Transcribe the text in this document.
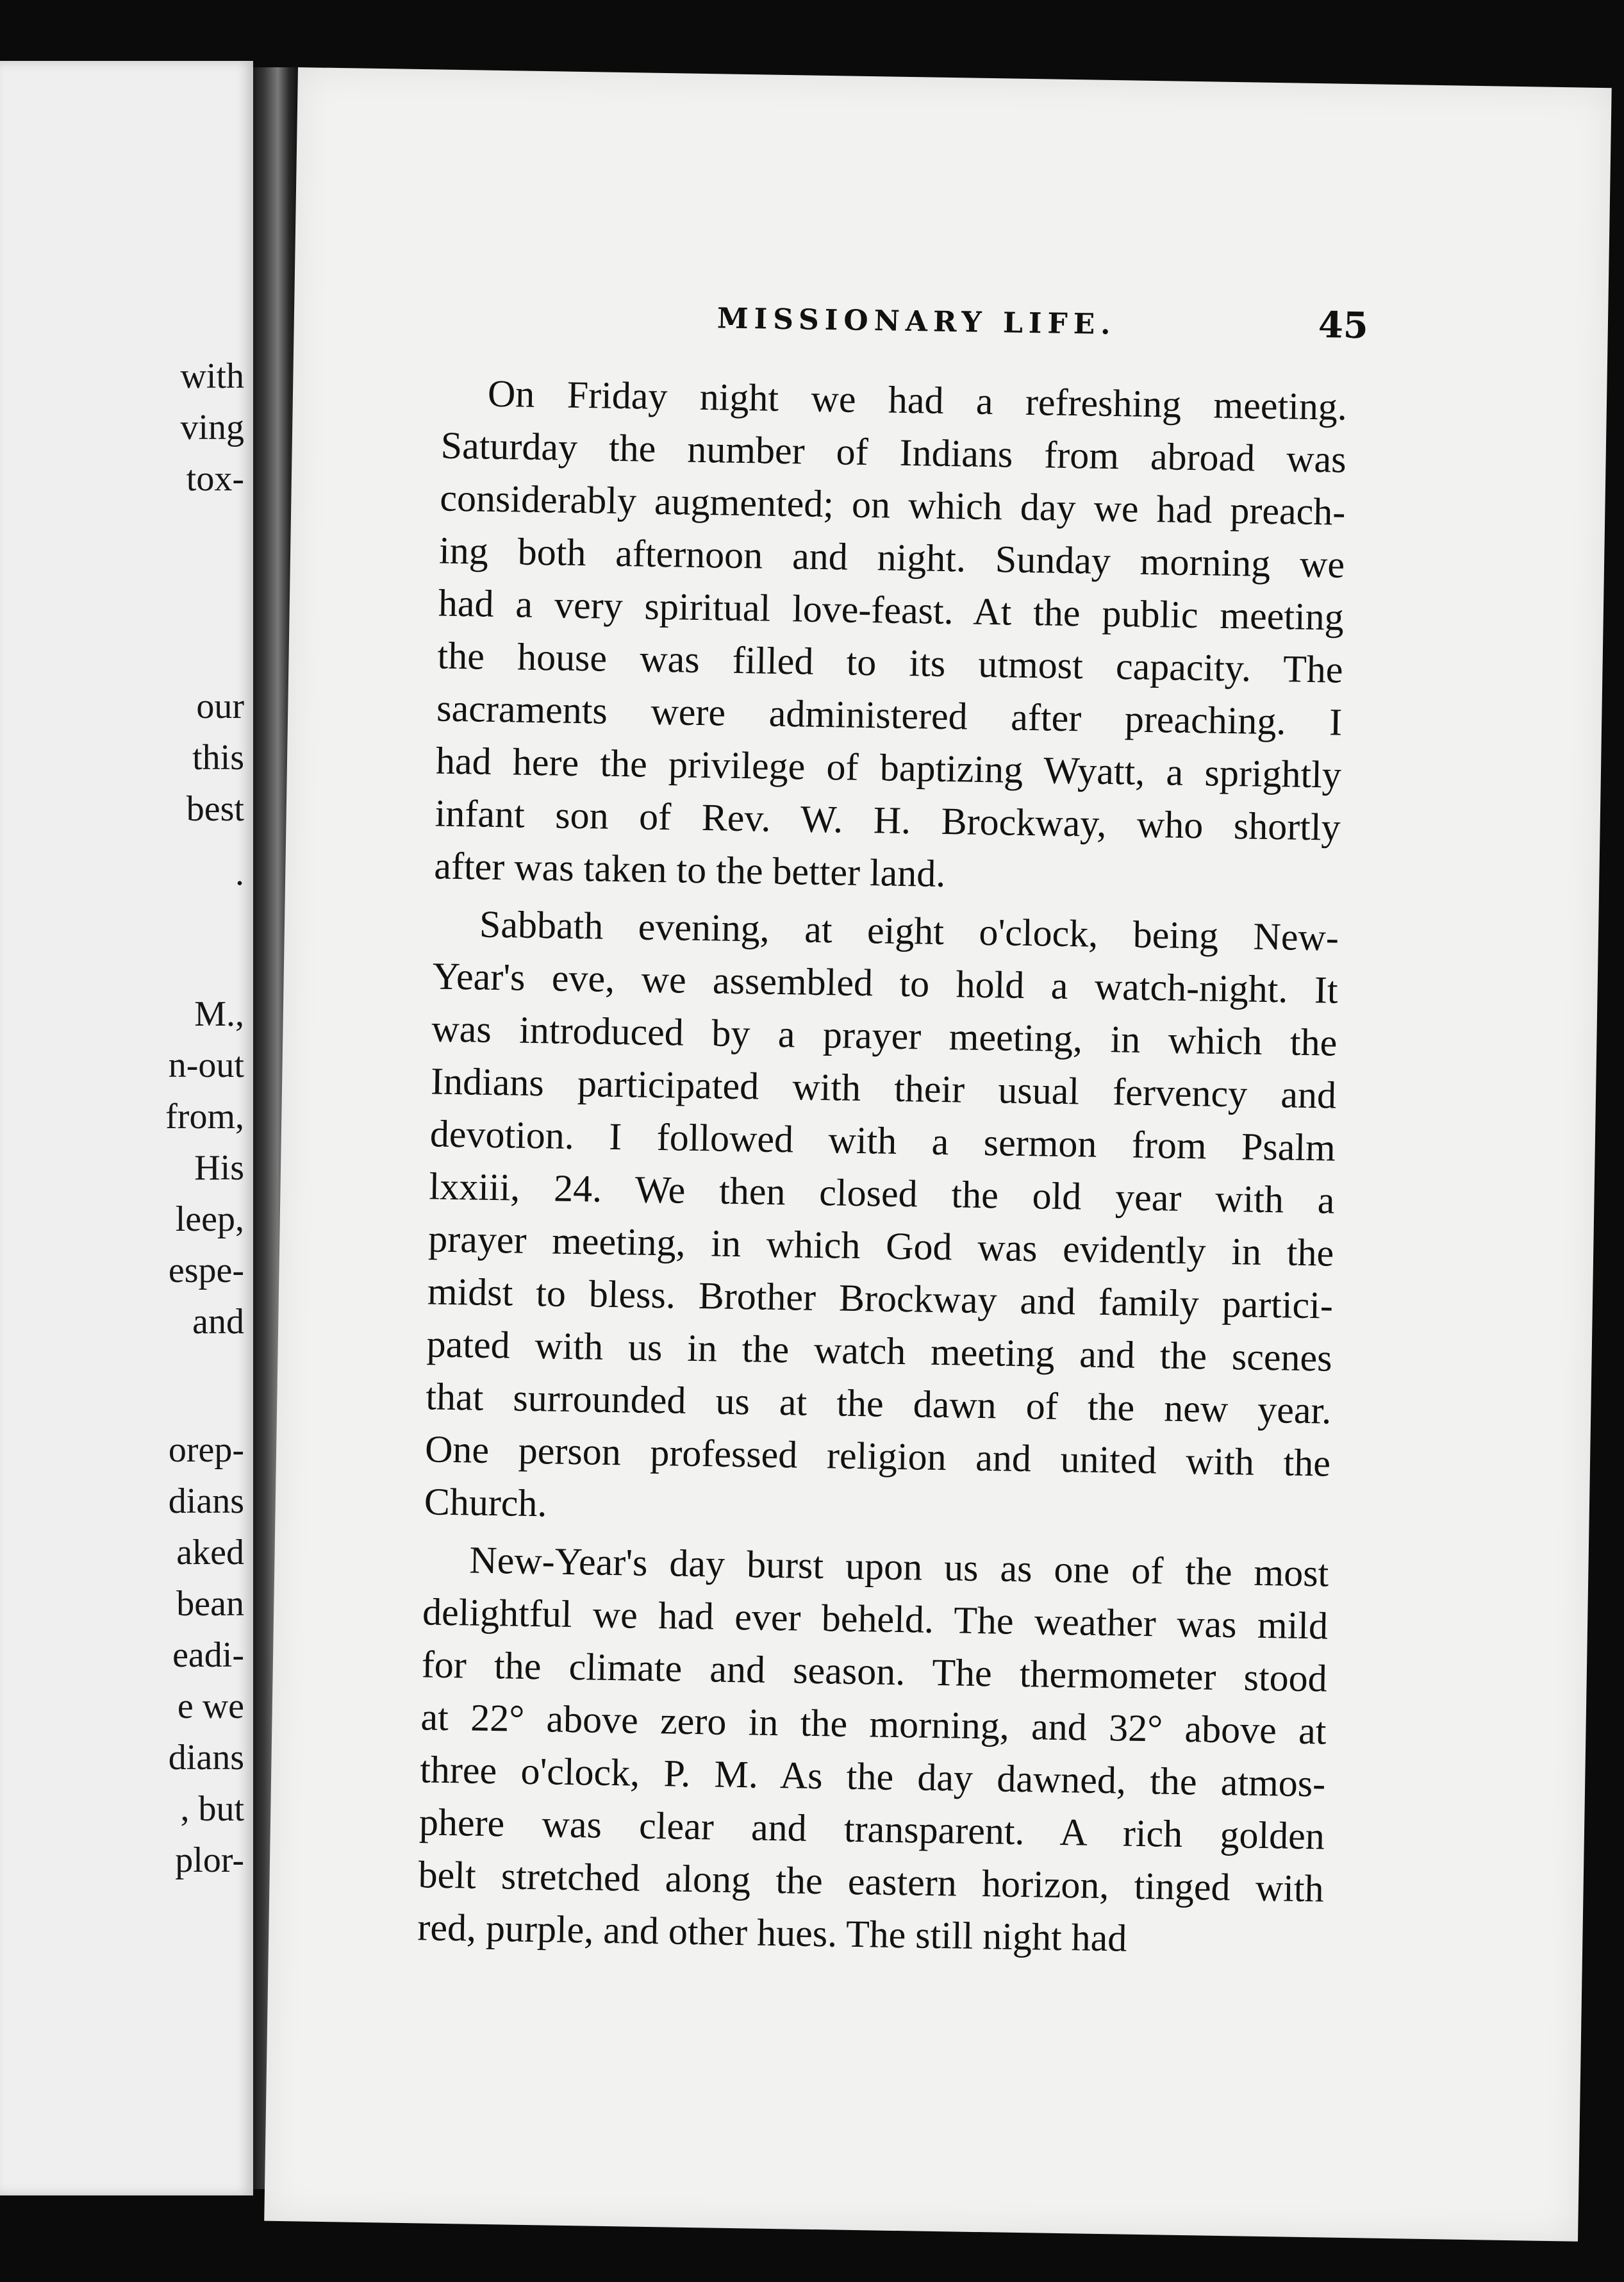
with

ving

tox-

our

this

best

.

M.,

n-out

from,

His

leep,

espe-

and

orep-

dians

aked

bean

eadi-

e we

dians

, but

plor-

MISSIONARY LIFE.	45

On Friday night we had a refreshing meeting.
Saturday the number of Indians from abroad was
considerably augmented; on which day we had preach-
ing both afternoon and night. Sunday morning we
had a very spiritual love-feast. At the public meeting
the house was filled to its utmost capacity. The
sacraments were administered after preaching. I
had here the privilege of baptizing Wyatt, a sprightly
infant son of Rev. W. H. Brockway, who shortly
after was taken to the better land.
Sabbath evening, at eight o'clock, being New-
Year's eve, we assembled to hold a watch-night. It
was introduced by a prayer meeting, in which the
Indians participated with their usual fervency and
devotion. I followed with a sermon from Psalm
lxxiii, 24. We then closed the old year with a
prayer meeting, in which God was evidently in the
midst to bless. Brother Brockway and family partici-
pated with us in the watch meeting and the scenes
that surrounded us at the dawn of the new year.
One person professed religion and united with the
Church.
New-Year's day burst upon us as one of the most
delightful we had ever beheld. The weather was mild
for the climate and season. The thermometer stood
at 22° above zero in the morning, and 32° above at
three o'clock, P. M. As the day dawned, the atmos-
phere was clear and transparent. A rich golden
belt stretched along the eastern horizon, tinged with
red, purple, and other hues. The still night had
